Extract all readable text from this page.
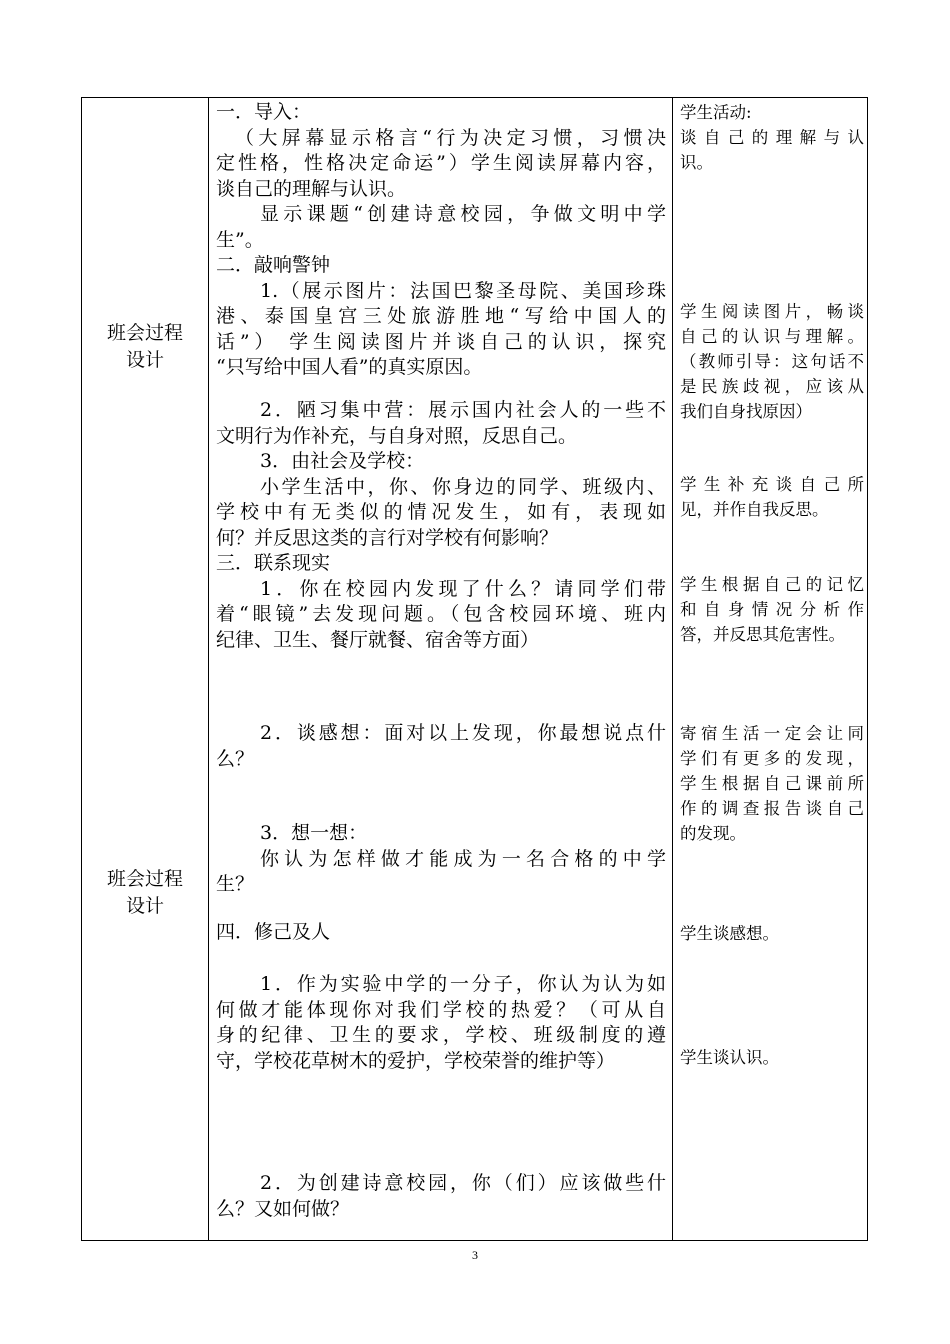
班会过程
设计
班会过程
设计
一．导入：
（大屏幕显示格言“行为决定习惯，习惯决
定性格，性格决定命运”）学生阅读屏幕内容，
谈自己的理解与认识。
显示课题“创建诗意校园，争做文明中学
生”。
二．敲响警钟
1.（展示图片：法国巴黎圣母院、美国珍珠
港、泰国皇宫三处旅游胜地“写给中国人的
话”） 学生阅读图片并谈自己的认识，探究
“只写给中国人看”的真实原因。
2．陋习集中营：展示国内社会人的一些不
文明行为作补充，与自身对照，反思自己。
3．由社会及学校：
小学生活中，你、你身边的同学、班级内、
学校中有无类似的情况发生，如有，表现如
何？并反思这类的言行对学校有何影响？
三．联系现实
1．你在校园内发现了什么？请同学们带
着“眼镜”去发现问题。（包含校园环境、班内
纪律、卫生、餐厅就餐、宿舍等方面）
2．谈感想：面对以上发现，你最想说点什
么？
3．想一想：
你认为怎样做才能成为一名合格的中学
生？
四．修己及人
1．作为实验中学的一分子，你认为认为如
何做才能体现你对我们学校的热爱？（可从自
身的纪律、卫生的要求，学校、班级制度的遵
守，学校花草树木的爱护，学校荣誉的维护等）
2．为创建诗意校园，你（们）应该做些什
么？又如何做？
学生活动:
谈自己的理解与认
识。
学生阅读图片，畅谈
自己的认识与理解。
（教师引导：这句话不
是民族歧视，应该从
我们自身找原因）
学生补充谈自己所
见，并作自我反思。
学生根据自己的记忆
和自身情况分析作
答，并反思其危害性。
寄宿生活一定会让同
学们有更多的发现，
学生根据自己课前所
作的调查报告谈自己
的发现。
学生谈感想。
学生谈认识。
3
